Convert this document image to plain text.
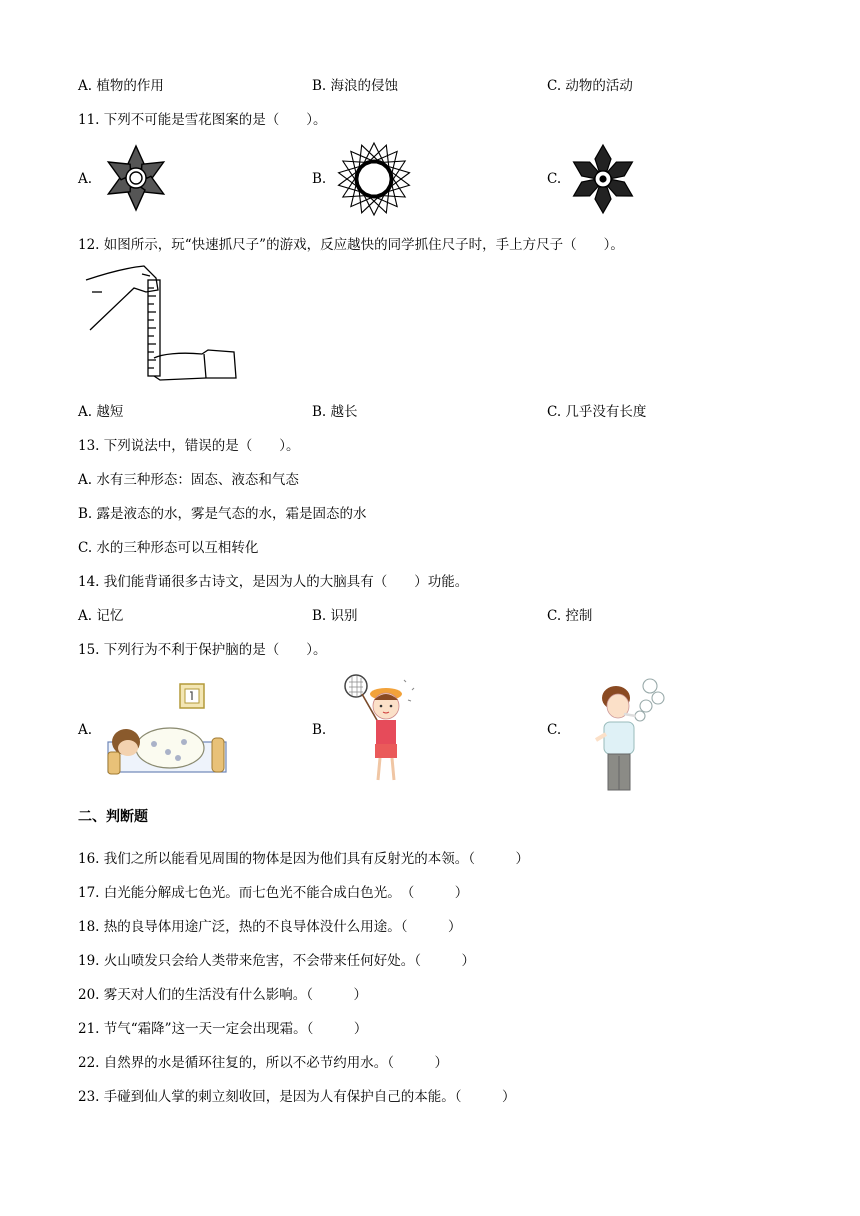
A. 植物的作用	B. 海浪的侵蚀	C. 动物的活动
11. 下列不可能是雪花图案的是（　　）。
A.	B.	C.
12. 如图所示，玩“快速抓尺子”的游戏，反应越快的同学抓住尺子时，手上方尺子（　　）。
A. 越短	B. 越长	C. 几乎没有长度
13. 下列说法中，错误的是（　　）。
A. 水有三种形态：固态、液态和气态
B. 露是液态的水，雾是气态的水，霜是固态的水
C. 水的三种形态可以互相转化
14. 我们能背诵很多古诗文，是因为人的大脑具有（　　）功能。
A. 记忆	B. 识别	C. 控制
15. 下列行为不利于保护脑的是（　　）。
A.	B.	C.
二、判断题
16. 我们之所以能看见周围的物体是因为他们具有反射光的本领。（　　　）
17. 白光能分解成七色光。而七色光不能合成白色光。　（　　　）
18. 热的良导体用途广泛，热的不良导体没什么用途。（　　　）
19. 火山喷发只会给人类带来危害，不会带来任何好处。（　　　）
20. 雾天对人们的生活没有什么影响。（　　　）
21. 节气“霜降”这一天一定会出现霜。（　　　）
22. 自然界的水是循环往复的，所以不必节约用水。（　　　）
23. 手碰到仙人掌的刺立刻收回，是因为人有保护自己的本能。（　　　）
